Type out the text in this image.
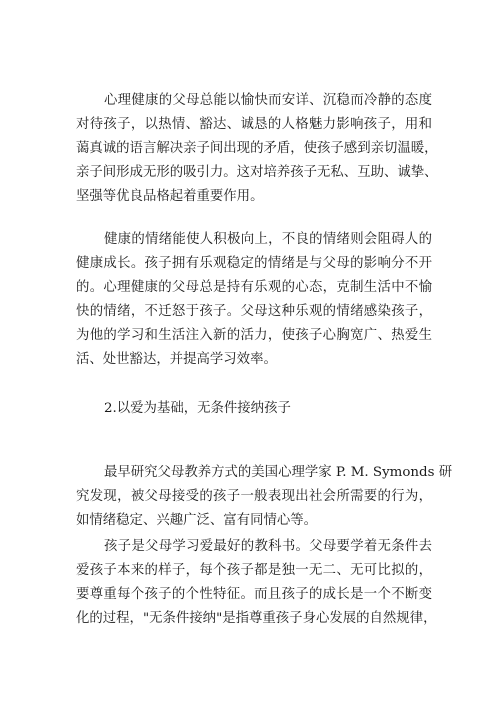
心理健康的父母总能以愉快而安详、沉稳而冷静的态度
对待孩子，以热情、豁达、诚恳的人格魅力影响孩子，用和
蔼真诚的语言解决亲子间出现的矛盾，使孩子感到亲切温暖，
亲子间形成无形的吸引力。这对培养孩子无私、互助、诚挚、
坚强等优良品格起着重要作用。
健康的情绪能使人积极向上，不良的情绪则会阻碍人的
健康成长。孩子拥有乐观稳定的情绪是与父母的影响分不开
的。心理健康的父母总是持有乐观的心态，克制生活中不愉
快的情绪，不迁怒于孩子。父母这种乐观的情绪感染孩子，
为他的学习和生活注入新的活力，使孩子心胸宽广、热爱生
活、处世豁达，并提高学习效率。
2.以爱为基础，无条件接纳孩子
最早研究父母教养方式的美国心理学家 P. M. Symonds 研
究发现，被父母接受的孩子一般表现出社会所需要的行为，
如情绪稳定、兴趣广泛、富有同情心等。
孩子是父母学习爱最好的教科书。父母要学着无条件去
爱孩子本来的样子，每个孩子都是独一无二、无可比拟的，
要尊重每个孩子的个性特征。而且孩子的成长是一个不断变
化的过程，"无条件接纳"是指尊重孩子身心发展的自然规律，
